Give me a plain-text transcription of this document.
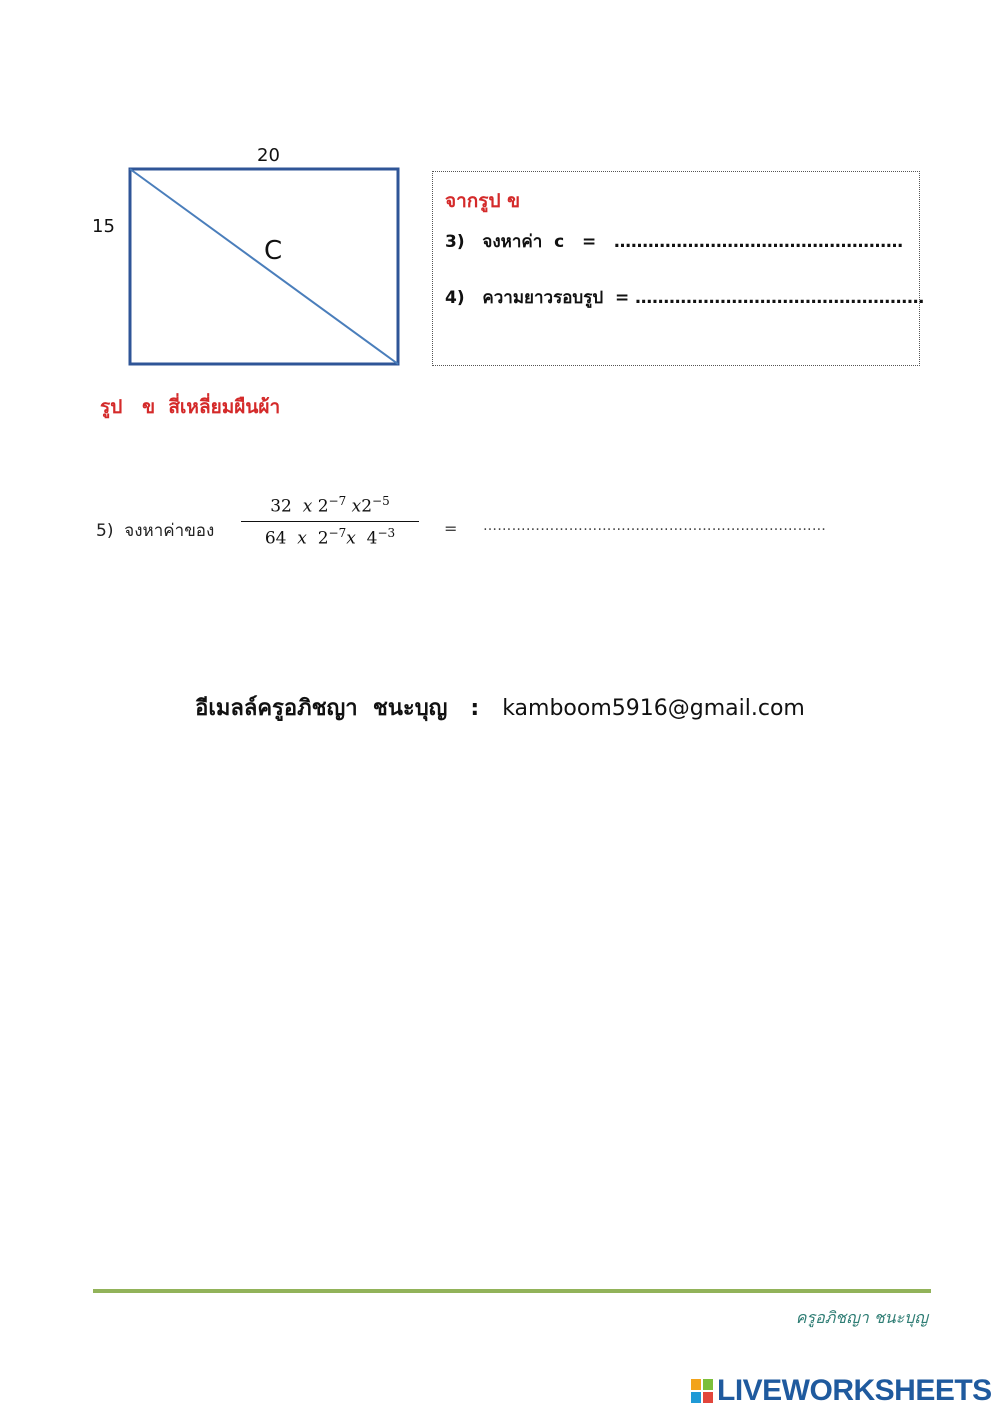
20
15
C
รูป   ข  สี่เหลี่ยมผืนผ้า
จากรูป ข
3)   จงหาค่า  c   =   ……………………………………………
4)   ความยาวรอบรูป  = ……………………………………………
5)  จงหาค่าของ
32 x $2^{-7}$ $x2^{-5}$
64 x $2^{-7}x$ $4^{-3}$	= ………………………………………………………………
อีเมลล์ครูอภิชญา  ชนะบุญ   :   kamboom5916@gmail.com
ครูอภิชญา ชนะบุญ
LIVEWORKSHEETS
